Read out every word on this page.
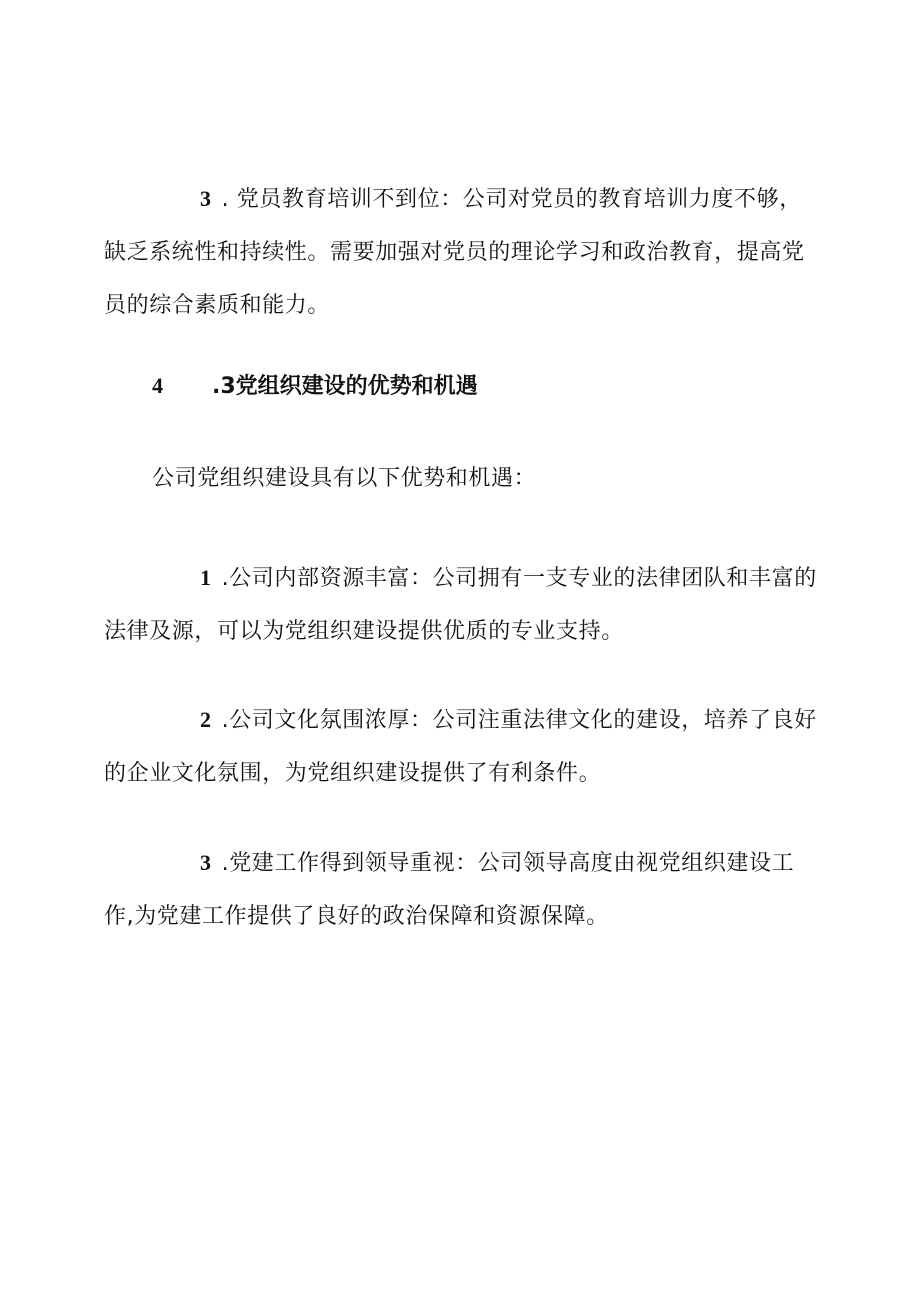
3 . 党员教育培训不到位：公司对党员的教育培训力度不够，缺乏系统性和持续性。需要加强对党员的理论学习和政治教育，提高党员的综合素质和能力。

4 .3党组织建设的优势和机遇

公司党组织建设具有以下优势和机遇：

1 .公司内部资源丰富：公司拥有一支专业的法律团队和丰富的法律及源，可以为党组织建设提供优质的专业支持。

2 .公司文化氛围浓厚：公司注重法律文化的建设，培养了良好的企业文化氛围，为党组织建设提供了有利条件。

3 .党建工作得到领导重视：公司领导高度由视党组织建设工作,为党建工作提供了良好的政治保障和资源保障。
